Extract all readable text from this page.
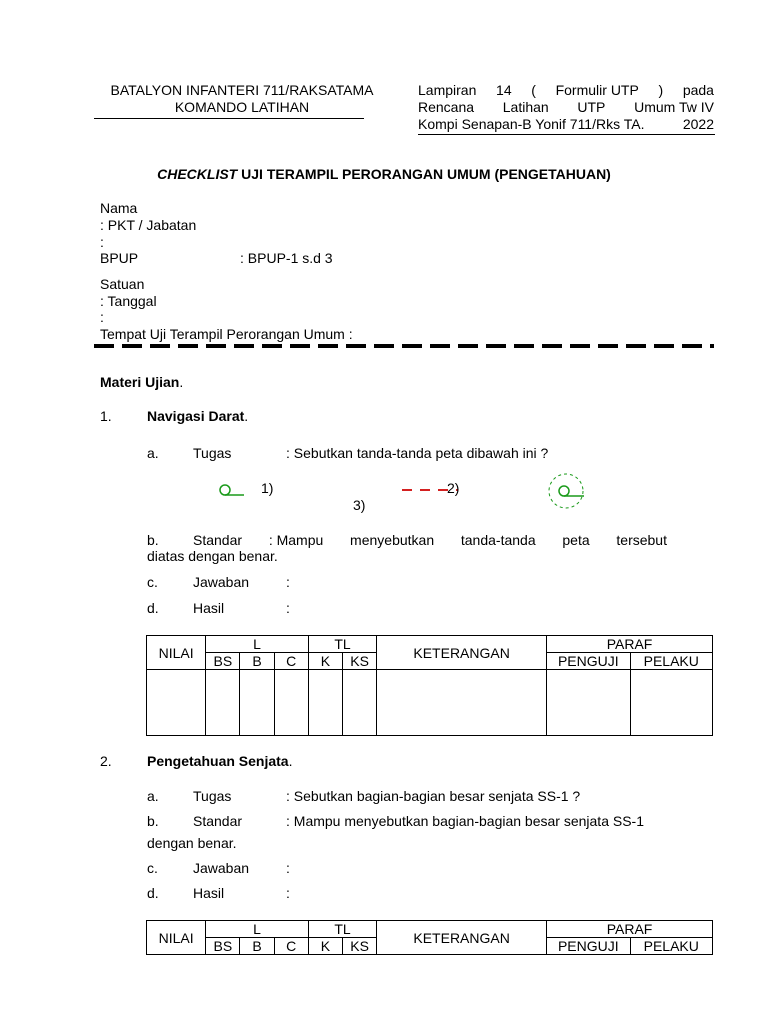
BATALYON INFANTERI 711/RAKSATAMA
KOMANDO LATIHAN
Lampiran 14 ( Formulir UTP ) pada
Rencana Latihan UTP Umum Tw IV
Kompi Senapan-B Yonif 711/Rks TA.	2022
CHECKLIST UJI TERAMPIL PERORANGAN UMUM (PENGETAHUAN)
Nama
: PKT / Jabatan
:
BPUP	: BPUP-1 s.d 3
Satuan
: Tanggal
:
Tempat Uji Terampil Perorangan Umum :
Materi Ujian.
1.	Navigasi Darat.
a. Tugas	: Sebutkan tanda-tanda peta dibawah ini ?
1)	2)
3)
b. Standar : Mampu menyebutkan tanda-tanda peta tersebut
diatas dengan benar.
c.	Jawaban	:
d. Hasil	:
NILAI	L			TL		KETERANGAN	PARAF	
	BS	B	C	K	KS		PENGUJI	PELAKU

2.	Pengetahuan Senjata.
a. Tugas	: Sebutkan bagian-bagian besar senjata SS-1 ?
b. Standar	: Mampu menyebutkan bagian-bagian besar senjata SS-1
dengan benar.
c.	Jawaban	:
d. Hasil	:
NILAI	L			TL		KETERANGAN	PARAF	
	BS	B	C	K	KS		PENGUJI	PELAKU
